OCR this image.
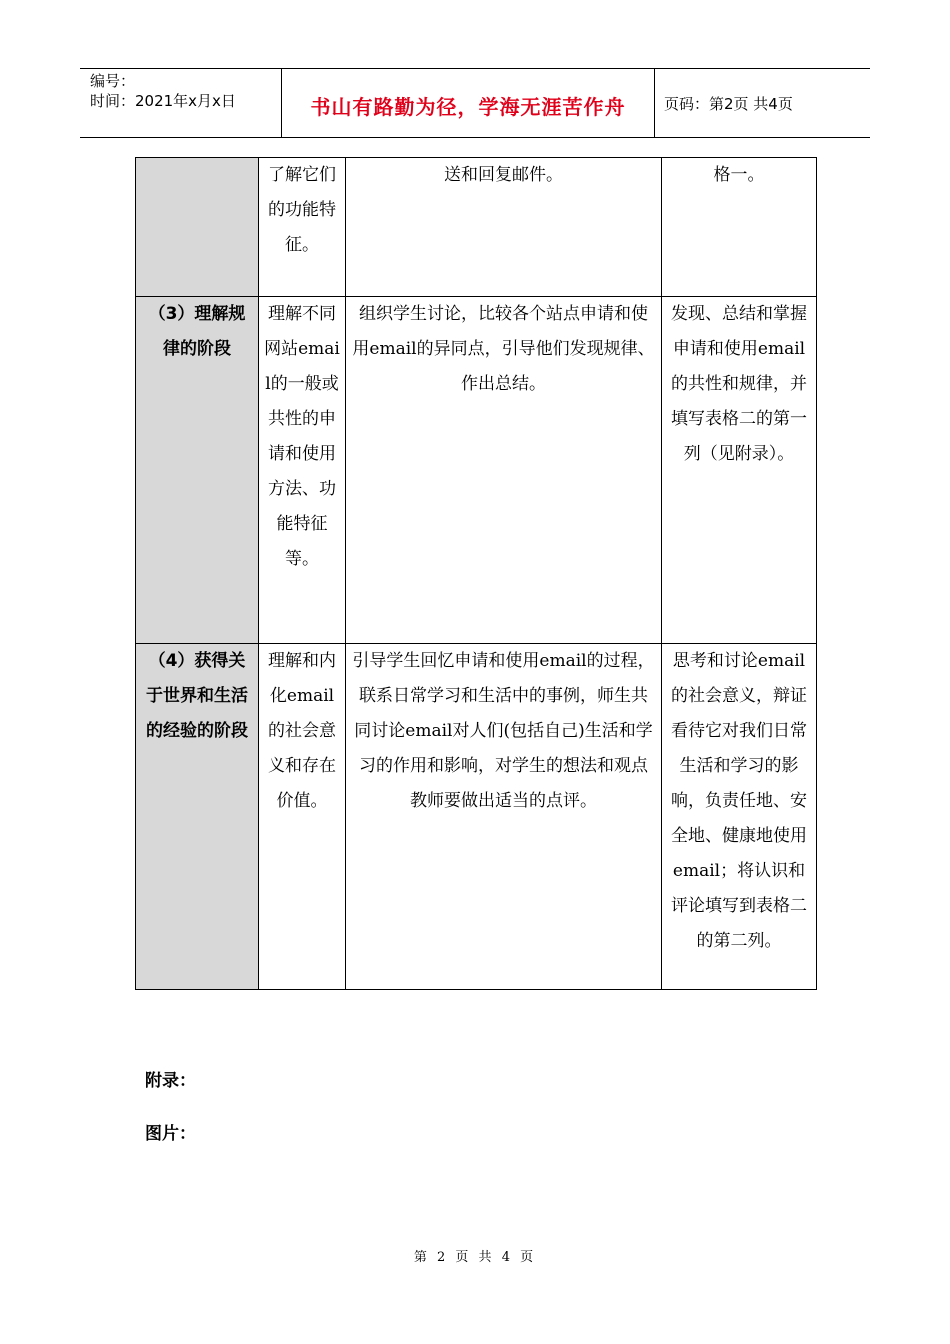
编号：
时间：2021年x月x日	书山有路勤为径，学海无涯苦作舟	页码：第2页 共4页
	了解它们的功能特征。	送和回复邮件。	格一。
（3）理解规律的阶段	理解不同网站email的一般或共性的申请和使用方法、功能特征等。	组织学生讨论，比较各个站点申请和使用email的异同点，引导他们发现规律、作出总结。	发现、总结和掌握申请和使用email的共性和规律，并填写表格二的第一列（见附录）。
（4）获得关于世界和生活的经验的阶段	理解和内化email的社会意义和存在价值。	引导学生回忆申请和使用email的过程，联系日常学习和生活中的事例，师生共同讨论email对人们(包括自己)生活和学习的作用和影响，对学生的想法和观点教师要做出适当的点评。	思考和讨论email的社会意义，辩证看待它对我们日常生活和学习的影响，负责任地、安全地、健康地使用email；将认识和评论填写到表格二的第二列。
附录：
图片：
第 2 页 共 4 页
